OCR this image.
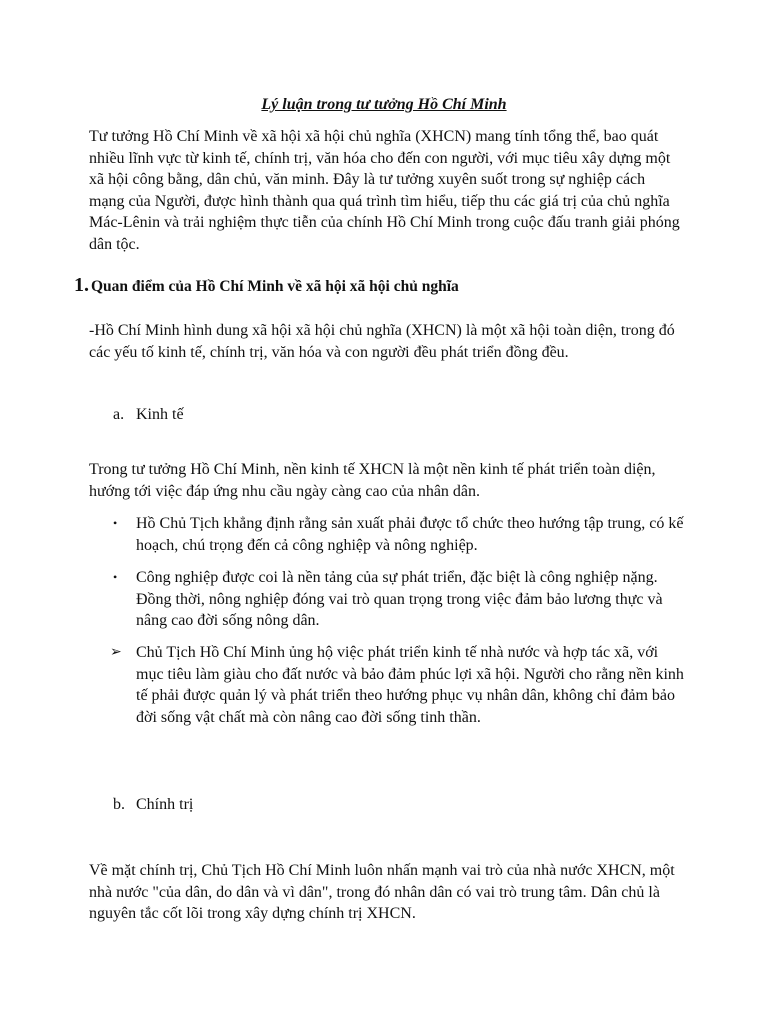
Lý luận trong tư tưởng Hồ Chí Minh

Tư tưởng Hồ Chí Minh về xã hội xã hội chủ nghĩa (XHCN) mang tính tổng thể, bao quát nhiều lĩnh vực từ kinh tế, chính trị, văn hóa cho đến con người, với mục tiêu xây dựng một xã hội công bằng, dân chủ, văn minh. Đây là tư tưởng xuyên suốt trong sự nghiệp cách mạng của Người, được hình thành qua quá trình tìm hiểu, tiếp thu các giá trị của chủ nghĩa Mác-Lênin và trải nghiệm thực tiễn của chính Hồ Chí Minh trong cuộc đấu tranh giải phóng dân tộc.

1. Quan điểm của Hồ Chí Minh về xã hội xã hội chủ nghĩa

-Hồ Chí Minh hình dung xã hội xã hội chủ nghĩa (XHCN) là một xã hội toàn diện, trong đó các yếu tố kinh tế, chính trị, văn hóa và con người đều phát triển đồng đều.

a. Kinh tế

Trong tư tưởng Hồ Chí Minh, nền kinh tế XHCN là một nền kinh tế phát triển toàn diện, hướng tới việc đáp ứng nhu cầu ngày càng cao của nhân dân.

•	Hồ Chủ Tịch khẳng định rằng sản xuất phải được tổ chức theo hướng tập trung, có kế hoạch, chú trọng đến cả công nghiệp và nông nghiệp.
•	Công nghiệp được coi là nền tảng của sự phát triển, đặc biệt là công nghiệp nặng. Đồng thời, nông nghiệp đóng vai trò quan trọng trong việc đảm bảo lương thực và nâng cao đời sống nông dân.
➢ Chủ Tịch Hồ Chí Minh ủng hộ việc phát triển kinh tế nhà nước và hợp tác xã, với mục tiêu làm giàu cho đất nước và bảo đảm phúc lợi xã hội. Người cho rằng nền kinh tế phải được quản lý và phát triển theo hướng phục vụ nhân dân, không chỉ đảm bảo đời sống vật chất mà còn nâng cao đời sống tinh thần.
b. Chính trị

Về mặt chính trị, Chủ Tịch Hồ Chí Minh luôn nhấn mạnh vai trò của nhà nước XHCN, một nhà nước "của dân, do dân và vì dân", trong đó nhân dân có vai trò trung tâm. Dân chủ là nguyên tắc cốt lõi trong xây dựng chính trị XHCN.
